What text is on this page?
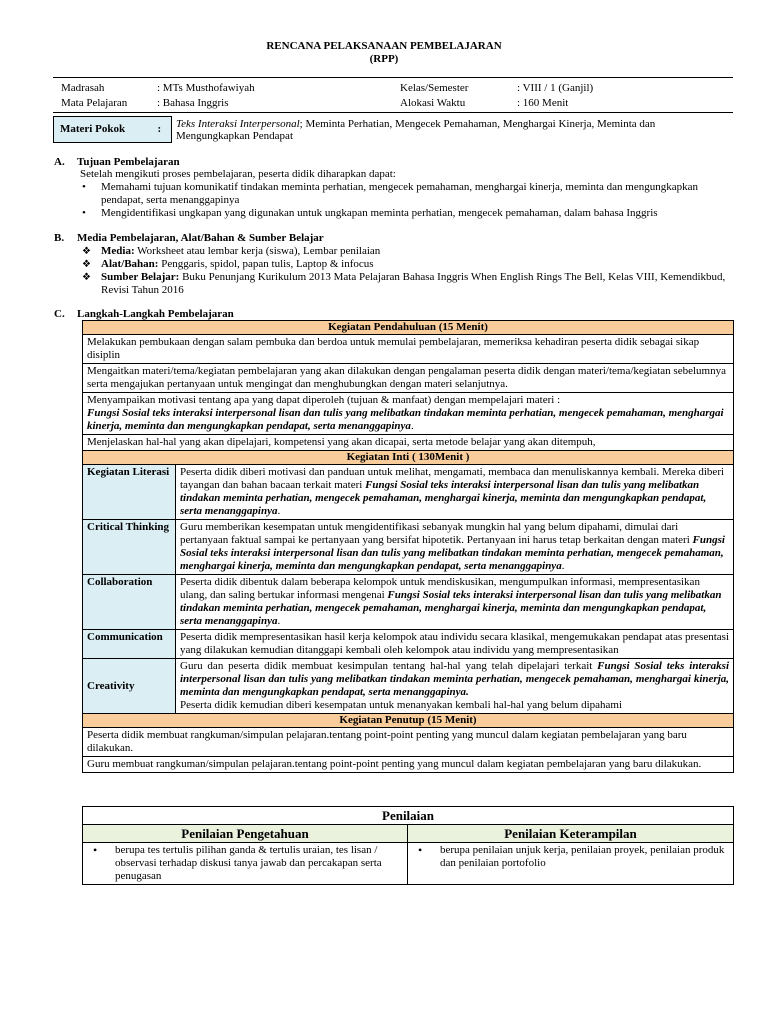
RENCANA PELAKSANAAN PEMBELAJARAN
(RPP)
Madrasah	: MTs Musthofawiyah	Kelas/Semester	: VIII / 1 (Ganjil)
Mata Pelajaran	: Bahasa Inggris	Alokasi Waktu	: 160 Menit
Materi Pokok	:	Teks Interaksi Interpersonal; Meminta Perhatian, Mengecek Pemahaman, Menghargai Kinerja, Meminta dan Mengungkapkan Pendapat
A. Tujuan Pembelajaran
Setelah mengikuti proses pembelajaran, peserta didik diharapkan dapat:
• Memahami tujuan komunikatif tindakan meminta perhatian, mengecek pemahaman, menghargai kinerja, meminta dan mengungkapkan pendapat, serta menanggapinya
• Mengidentifikasi ungkapan yang digunakan untuk ungkapan meminta perhatian, mengecek pemahaman, dalam bahasa Inggris
B. Media Pembelajaran, Alat/Bahan & Sumber Belajar
❖ Media: Worksheet atau lembar kerja (siswa), Lembar penilaian
❖ Alat/Bahan: Penggaris, spidol, papan tulis, Laptop & infocus
❖ Sumber Belajar: Buku Penunjang Kurikulum 2013 Mata Pelajaran Bahasa Inggris When English Rings The Bell, Kelas VIII, Kemendikbud, Revisi Tahun 2016
C. Langkah-Langkah Pembelajaran
Kegiatan Pendahuluan (15 Menit)	
Melakukan pembukaan dengan salam pembuka dan berdoa untuk memulai pembelajaran, memeriksa kehadiran peserta didik sebagai sikap disiplin	
Mengaitkan materi/tema/kegiatan pembelajaran yang akan dilakukan dengan pengalaman peserta didik dengan materi/tema/kegiatan sebelumnya serta mengajukan pertanyaan untuk mengingat dan menghubungkan dengan materi selanjutnya.	
Menyampaikan motivasi tentang apa yang dapat diperoleh (tujuan & manfaat) dengan mempelajari materi :
Fungsi Sosial teks interaksi interpersonal lisan dan tulis yang melibatkan tindakan meminta perhatian, mengecek pemahaman, menghargai kinerja, meminta dan mengungkapkan pendapat, serta menanggapinya.	
Menjelaskan hal-hal yang akan dipelajari, kompetensi yang akan dicapai, serta metode belajar yang akan ditempuh,	
Kegiatan Inti ( 130Menit )	
Kegiatan Literasi	Peserta didik diberi motivasi dan panduan untuk melihat, mengamati, membaca dan menuliskannya kembali. Mereka diberi tayangan dan bahan bacaan terkait materi Fungsi Sosial teks interaksi interpersonal lisan dan tulis yang melibatkan tindakan meminta perhatian, mengecek pemahaman, menghargai kinerja, meminta dan mengungkapkan pendapat, serta menanggapinya.
Critical Thinking	Guru memberikan kesempatan untuk mengidentifikasi sebanyak mungkin hal yang belum dipahami, dimulai dari pertanyaan faktual sampai ke pertanyaan yang bersifat hipotetik. Pertanyaan ini harus tetap berkaitan dengan materi Fungsi Sosial teks interaksi interpersonal lisan dan tulis yang melibatkan tindakan meminta perhatian, mengecek pemahaman, menghargai kinerja, meminta dan mengungkapkan pendapat, serta menanggapinya.
Collaboration	Peserta didik dibentuk dalam beberapa kelompok untuk mendiskusikan, mengumpulkan informasi, mempresentasikan ulang, dan saling bertukar informasi mengenai Fungsi Sosial teks interaksi interpersonal lisan dan tulis yang melibatkan tindakan meminta perhatian, mengecek pemahaman, menghargai kinerja, meminta dan mengungkapkan pendapat, serta menanggapinya.
Communication	Peserta didik mempresentasikan hasil kerja kelompok atau individu secara klasikal, mengemukakan pendapat atas presentasi yang dilakukan kemudian ditanggapi kembali oleh kelompok atau individu yang mempresentasikan
Creativity	Guru dan peserta didik membuat kesimpulan tentang hal-hal yang telah dipelajari terkait Fungsi Sosial teks interaksi interpersonal lisan dan tulis yang melibatkan tindakan meminta perhatian, mengecek pemahaman, menghargai kinerja, meminta dan mengungkapkan pendapat, serta menanggapinya.
Peserta didik kemudian diberi kesempatan untuk menanyakan kembali hal-hal yang belum dipahami
Kegiatan Penutup (15 Menit)	
Peserta didik membuat rangkuman/simpulan pelajaran.tentang point-point penting yang muncul dalam kegiatan pembelajaran yang baru dilakukan.	
Guru membuat rangkuman/simpulan pelajaran.tentang point-point penting yang muncul dalam kegiatan pembelajaran yang baru dilakukan.	
Penilaian	
Penilaian Pengetahuan	Penilaian Keterampilan

• berupa tes tertulis pilihan ganda & tertulis uraian, tes lisan / observasi terhadap diskusi tanya jawab dan percakapan serta penugasan	• berupa penilaian unjuk kerja, penilaian proyek, penilaian produk dan penilaian portofolio
